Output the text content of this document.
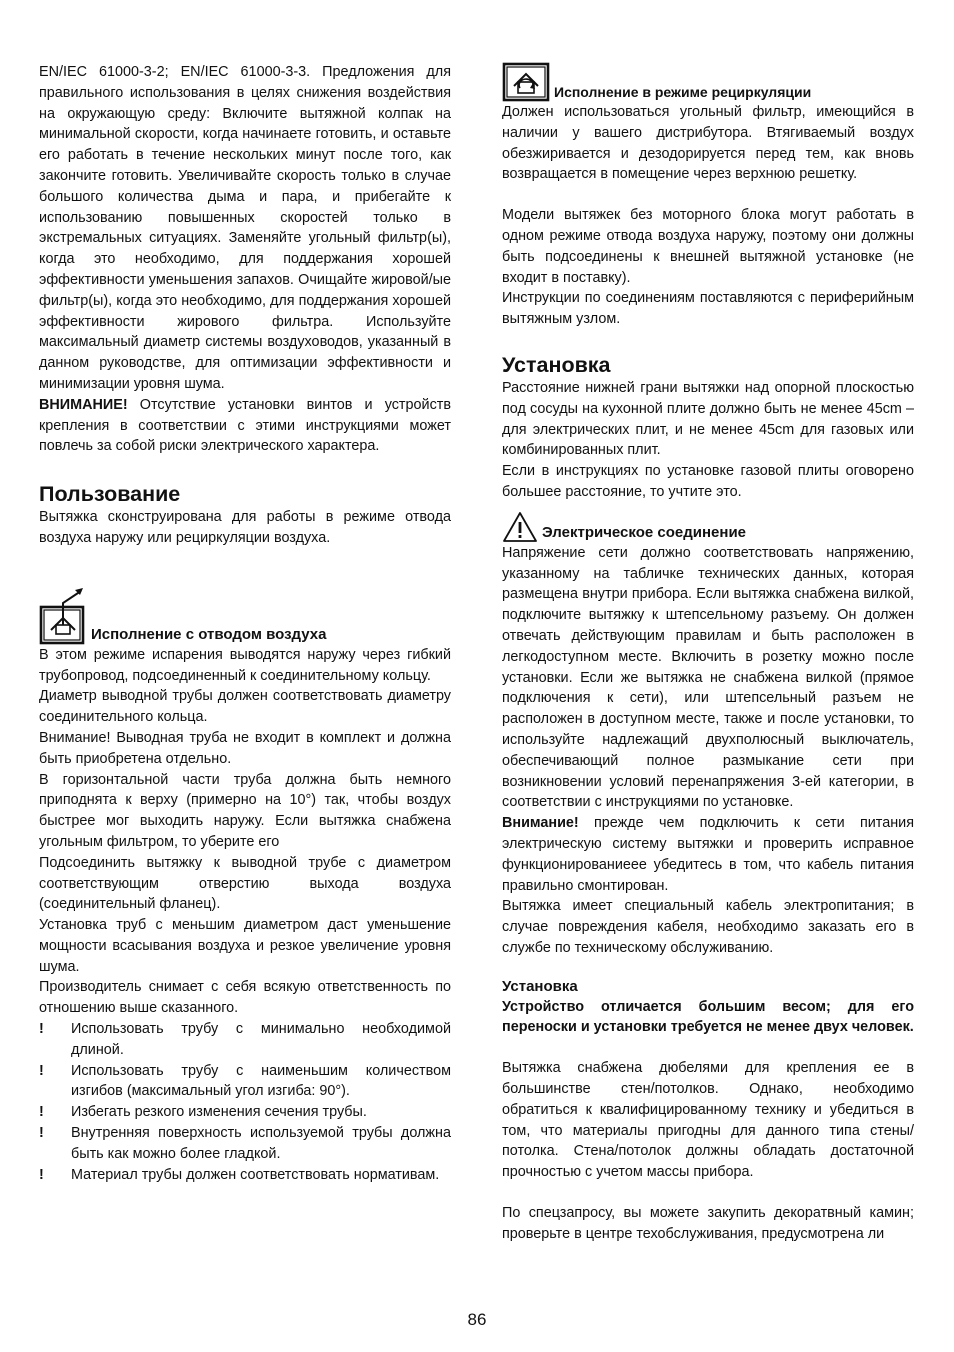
EN/IEC 61000-3-2; EN/IEC 61000-3-3. Предложения для правильного использования в целях снижения воздействия на окружающую среду: Включите вытяжной колпак на минимальной скорости, когда начинаете готовить, и оставьте его работать в течение нескольких минут после того, как закончите готовить. Увеличивайте скорость только в случае большого количества дыма и пара, и прибегайте к использованию повышенных скоростей только в экстремальных ситуациях. Заменяйте угольный фильтр(ы), когда это необходимо, для поддержания хорошей эффективности уменьшения запахов. Очищайте жировой/ые фильтр(ы), когда это необходимо, для поддержания хорошей эффективности жирового фильтра. Используйте максимальный диаметр системы воздуховодов, указанный в данном руководстве, для оптимизации эффективности и минимизации уровня шума.

ВНИМАНИЕ! Отсутствие установки винтов и устройств крепления в соответствии с этими инструкциями может повлечь за собой риски электрического характера.

Пользование

Вытяжка сконструирована для работы в режиме отвода воздуха наружу или рециркуляции воздуха.

Исполнение с отводом воздуха

В этом режиме испарения выводятся наружу через гибкий трубопровод, подсоединенный к соединительному кольцу.

Диаметр выводной трубы должен соответствовать диаметру соединительного кольца.

Внимание! Выводная труба не входит в комплект и должна быть приобретена отдельно.

В горизонтальной части труба должна быть немного приподнята к верху (примерно на 10°) так, чтобы воздух быстрее мог выходить наружу. Если вытяжка снабжена угольным фильтром, то уберите его

Подсоединить вытяжку к выводной трубе с диаметром соответствующим отверстию выхода воздуха (соединительный фланец).

Установка труб с меньшим диаметром даст уменьшение мощности всасывания воздуха и резкое увеличение уровня шума.

Производитель снимает с себя всякую ответственность по отношению выше сказанного.

!	Использовать трубу с минимально необходимой длиной.
!	Использовать трубу с наименьшим количеством изгибов (максимальный угол изгиба: 90°).
!	Избегать резкого изменения сечения трубы.
!	Внутренняя поверхность используемой трубы должна быть как можно более гладкой.
!	Материал трубы должен соответствовать нормативам.
Исполнение в режиме рециркуляции

Должен использоваться угольный фильтр, имеющийся в наличии у вашего дистрибутора. Втягиваемый воздух обезжиривается и дезодорируется перед тем, как вновь возвращается в помещение через верхнюю решетку.

Модели вытяжек без моторного блока могут работать в одном режиме отвода воздуха наружу, поэтому они должны быть подсоединены к внешней вытяжной установке (не входит в поставку).

Инструкции по соединениям поставляются с периферийным вытяжным узлом.

Установка

Расстояние нижней грани вытяжки над опорной плоскостью под сосуды на кухонной плите должно быть не менее 45cm – для электрических плит, и не менее 45cm для газовых или комбинированных плит.

Если в инструкциях по установке газовой плиты оговорено большее расстояние, то учтите это.

Электрическое соединение

Напряжение сети должно соответствовать напряжению, указанному на табличке технических данных, которая размещена внутри прибора. Если вытяжка снабжена вилкой, подключите вытяжку к штепсельному разъему. Он должен отвечать действующим правилам и быть расположен в легкодоступном месте. Включить в розетку можно после установки. Если же вытяжка не снабжена вилкой (прямое подключения к сети), или штепсельный разъем не расположен в доступном месте, также и после установки, то используйте надлежащий двухполюсный выключатель, обеспечивающий полное размыкание сети при возникновении условий перенапряжения 3-ей категории, в соответствии с инструкциями по установке.

Внимание! прежде чем подключить к сети питания электрическую систему вытяжки и проверить исправное функционированиеее убедитесь в том, что кабель питания правильно смонтирован.

Вытяжка имеет специальный кабель электропитания; в случае повреждения кабеля, необходимо заказать его в службе по техническому обслуживанию.

Установка

Устройство отличается большим весом; для его переноски и установки требуется не менее двух человек.

Вытяжка снабжена дюбелями для крепления ее в большинстве стен/потолков. Однако, необходимо обратиться к квалифицированному технику и убедиться в том, что материалы пригодны для данного типа стены/ потолка. Стена/потолок должны обладать достаточной прочностью с учетом массы прибора.

По спецзапросу, вы можете закупить декоратвный камин; проверьте в центре техобслуживания, предусмотрена ли

86
